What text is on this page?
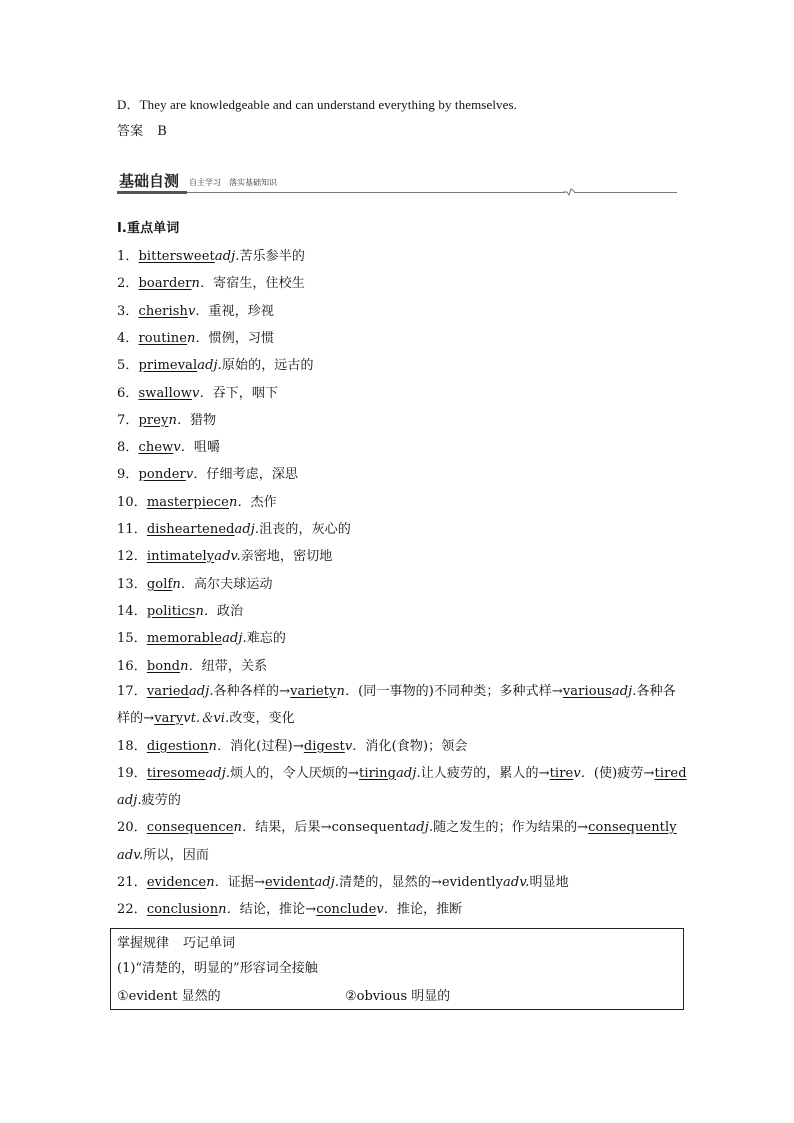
D．They are knowledgeable and can understand everything by themselves.
答案 B
基础自测 自主学习　落实基础知识
Ⅰ.重点单词
1．bittersweetadj.苦乐参半的
2．boardern．寄宿生，住校生
3．cherishv．重视，珍视
4．routinen．惯例，习惯
5．primevaladj.原始的，远古的
6．swallowv．吞下，咽下
7．preyn．猎物
8．chewv．咀嚼
9．ponderv．仔细考虑，深思
10．masterpiecen．杰作
11．disheartenedadj.沮丧的，灰心的
12．intimatelyadv.亲密地，密切地
13．golfn．高尔夫球运动
14．politicsn．政治
15．memorableadj.难忘的
16．bondn．纽带，关系
17．variedadj.各种各样的→varietyn．(同一事物的)不同种类；多种式样→variousadj.各种各
样的→varyvt.＆vi.改变，变化
18．digestionn．消化(过程)→digestv．消化(食物)；领会
19．tiresomeadj.烦人的，令人厌烦的→tiringadj.让人疲劳的，累人的→tirev．(使)疲劳→tired
adj.疲劳的
20．consequencen．结果，后果→consequentadj.随之发生的；作为结果的→consequently
adv.所以，因而
21．evidencen．证据→evidentadj.清楚的，显然的→evidentlyadv.明显地
22．conclusionn．结论，推论→concludev．推论，推断
掌握规律 巧记单词
(1)“清楚的，明显的”形容词全接触
①evident 显然的	②obvious 明显的
